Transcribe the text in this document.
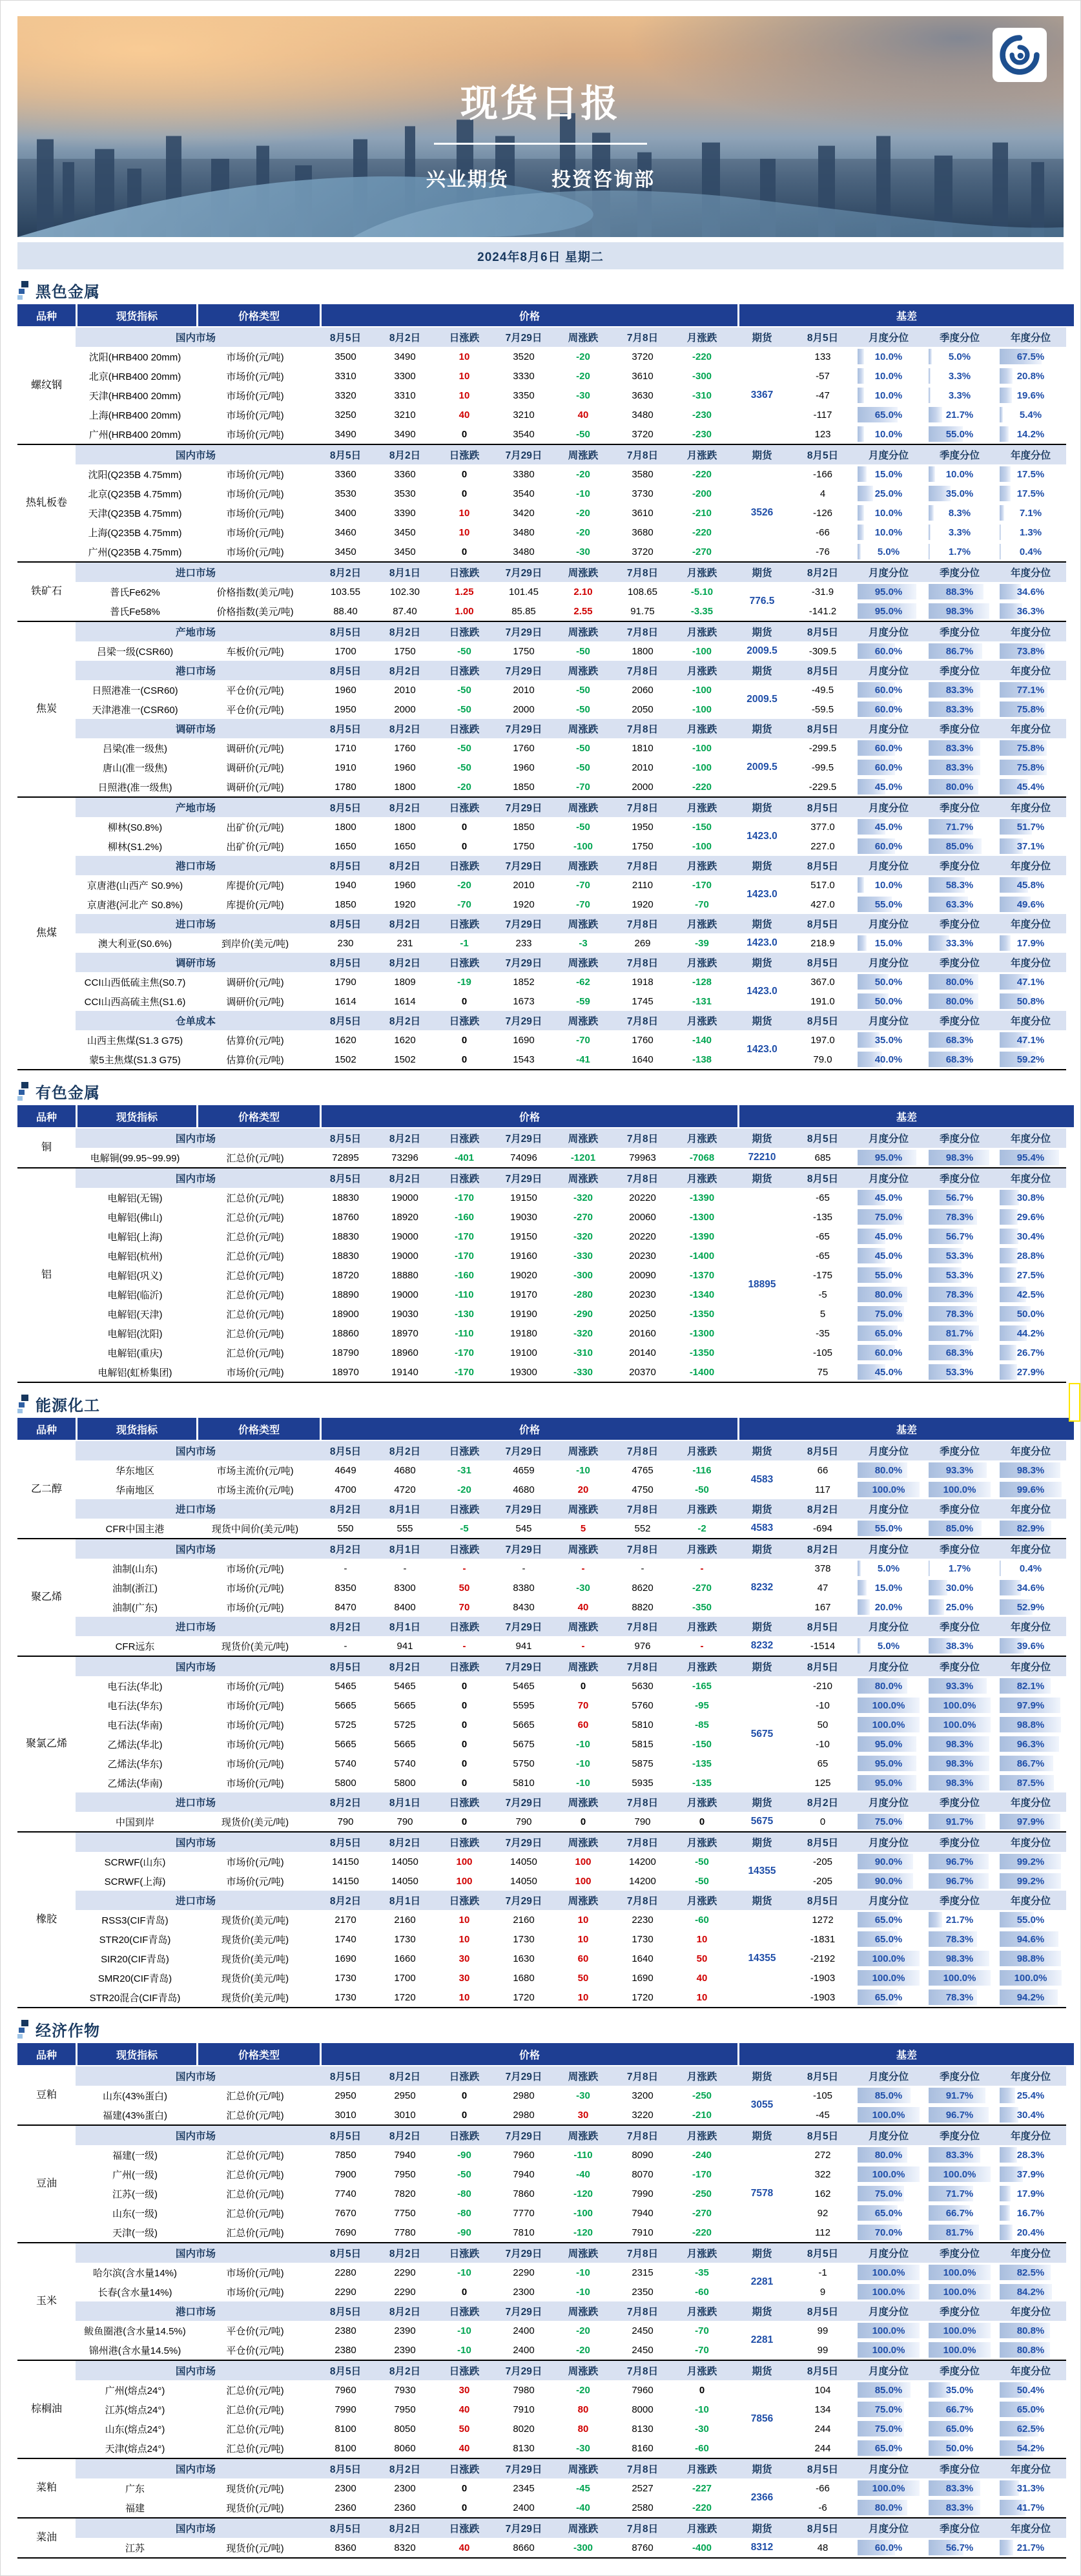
现货日报
兴业期货 投资咨询部
2024年8月6日 星期二
黑色金属
品种	现货指标	价格类型	价格	基差
螺纹钢
国内市场	8月5日	8月2日	日涨跌	7月29日	周涨跌	7月8日	月涨跌	期货	8月5日	月度分位	季度分位	年度分位
沈阳(HRB400 20mm)	市场价(元/吨)	3500	3490	10	3520	-20	3720	-220	133	10.0%	5.0%	67.5%
北京(HRB400 20mm)	市场价(元/吨)	3310	3300	10	3330	-20	3610	-300	-57	10.0%	3.3%	20.8%
天津(HRB400 20mm)	市场价(元/吨)	3320	3310	10	3350	-30	3630	-310	-47	10.0%	3.3%	19.6%
上海(HRB400 20mm)	市场价(元/吨)	3250	3210	40	3210	40	3480	-230	-117	65.0%	21.7%	5.4%
广州(HRB400 20mm)	市场价(元/吨)	3490	3490	0	3540	-50	3720	-230	123	10.0%	55.0%	14.2%
3367
热轧板卷
国内市场	8月5日	8月2日	日涨跌	7月29日	周涨跌	7月8日	月涨跌	期货	8月5日	月度分位	季度分位	年度分位
沈阳(Q235B 4.75mm)	市场价(元/吨)	3360	3360	0	3380	-20	3580	-220	-166	15.0%	10.0%	17.5%
北京(Q235B 4.75mm)	市场价(元/吨)	3530	3530	0	3540	-10	3730	-200	4	25.0%	35.0%	17.5%
天津(Q235B 4.75mm)	市场价(元/吨)	3400	3390	10	3420	-20	3610	-210	-126	10.0%	8.3%	7.1%
上海(Q235B 4.75mm)	市场价(元/吨)	3460	3450	10	3480	-20	3680	-220	-66	10.0%	3.3%	1.3%
广州(Q235B 4.75mm)	市场价(元/吨)	3450	3450	0	3480	-30	3720	-270	-76	5.0%	1.7%	0.4%
3526
铁矿石
进口市场	8月2日	8月1日	日涨跌	7月29日	周涨跌	7月8日	月涨跌	期货	8月2日	月度分位	季度分位	年度分位
普氏Fe62%	价格指数(美元/吨)	103.55	102.30	1.25	101.45	2.10	108.65	-5.10	-31.9	95.0%	88.3%	34.6%
普氏Fe58%	价格指数(美元/吨)	88.40	87.40	1.00	85.85	2.55	91.75	-3.35	-141.2	95.0%	98.3%	36.3%
776.5
焦炭
产地市场	8月5日	8月2日	日涨跌	7月29日	周涨跌	7月8日	月涨跌	期货	8月5日	月度分位	季度分位	年度分位
吕梁一级(CSR60)	车板价(元/吨)	1700	1750	-50	1750	-50	1800	-100	-309.5	60.0%	86.7%	73.8%
2009.5
港口市场	8月5日	8月2日	日涨跌	7月29日	周涨跌	7月8日	月涨跌	期货	8月5日	月度分位	季度分位	年度分位
日照港准一(CSR60)	平仓价(元/吨)	1960	2010	-50	2010	-50	2060	-100	-49.5	60.0%	83.3%	77.1%
天津港准一(CSR60)	平仓价(元/吨)	1950	2000	-50	2000	-50	2050	-100	-59.5	60.0%	83.3%	75.8%
2009.5
调研市场	8月5日	8月2日	日涨跌	7月29日	周涨跌	7月8日	月涨跌	期货	8月5日	月度分位	季度分位	年度分位
吕梁(准一级焦)	调研价(元/吨)	1710	1760	-50	1760	-50	1810	-100	-299.5	60.0%	83.3%	75.8%
唐山(准一级焦)	调研价(元/吨)	1910	1960	-50	1960	-50	2010	-100	-99.5	60.0%	83.3%	75.8%
日照港(准一级焦)	调研价(元/吨)	1780	1800	-20	1850	-70	2000	-220	-229.5	45.0%	80.0%	45.4%
2009.5
焦煤
产地市场	8月5日	8月2日	日涨跌	7月29日	周涨跌	7月8日	月涨跌	期货	8月5日	月度分位	季度分位	年度分位
柳林(S0.8%)	出矿价(元/吨)	1800	1800	0	1850	-50	1950	-150	377.0	45.0%	71.7%	51.7%
柳林(S1.2%)	出矿价(元/吨)	1650	1650	0	1750	-100	1750	-100	227.0	60.0%	85.0%	37.1%
1423.0
港口市场	8月5日	8月2日	日涨跌	7月29日	周涨跌	7月8日	月涨跌	期货	8月5日	月度分位	季度分位	年度分位
京唐港(山西产 S0.9%)	库提价(元/吨)	1940	1960	-20	2010	-70	2110	-170	517.0	10.0%	58.3%	45.8%
京唐港(河北产 S0.8%)	库提价(元/吨)	1850	1920	-70	1920	-70	1920	-70	427.0	55.0%	63.3%	49.6%
1423.0
进口市场	8月5日	8月2日	日涨跌	7月29日	周涨跌	7月8日	月涨跌	期货	8月5日	月度分位	季度分位	年度分位
澳大利亚(S0.6%)	到岸价(美元/吨)	230	231	-1	233	-3	269	-39	218.9	15.0%	33.3%	17.9%
1423.0
调研市场	8月5日	8月2日	日涨跌	7月29日	周涨跌	7月8日	月涨跌	期货	8月5日	月度分位	季度分位	年度分位
CCI山西低硫主焦(S0.7)	调研价(元/吨)	1790	1809	-19	1852	-62	1918	-128	367.0	50.0%	80.0%	47.1%
CCI山西高硫主焦(S1.6)	调研价(元/吨)	1614	1614	0	1673	-59	1745	-131	191.0	50.0%	80.0%	50.8%
1423.0
仓单成本	8月5日	8月2日	日涨跌	7月29日	周涨跌	7月8日	月涨跌	期货	8月5日	月度分位	季度分位	年度分位
山西主焦煤(S1.3 G75)	估算价(元/吨)	1620	1620	0	1690	-70	1760	-140	197.0	35.0%	68.3%	47.1%
蒙5主焦煤(S1.3 G75)	估算价(元/吨)	1502	1502	0	1543	-41	1640	-138	79.0	40.0%	68.3%	59.2%
1423.0
有色金属
品种	现货指标	价格类型	价格	基差
铜
国内市场	8月5日	8月2日	日涨跌	7月29日	周涨跌	7月8日	月涨跌	期货	8月5日	月度分位	季度分位	年度分位
电解铜(99.95~99.99)	汇总价(元/吨)	72895	73296	-401	74096	-1201	79963	-7068	685	95.0%	98.3%	95.4%
72210
铝
国内市场	8月5日	8月2日	日涨跌	7月29日	周涨跌	7月8日	月涨跌	期货	8月5日	月度分位	季度分位	年度分位
电解铝(无锡)	汇总价(元/吨)	18830	19000	-170	19150	-320	20220	-1390	-65	45.0%	56.7%	30.8%
电解铝(佛山)	汇总价(元/吨)	18760	18920	-160	19030	-270	20060	-1300	-135	75.0%	78.3%	29.6%
电解铝(上海)	汇总价(元/吨)	18830	19000	-170	19150	-320	20220	-1390	-65	45.0%	56.7%	30.4%
电解铝(杭州)	汇总价(元/吨)	18830	19000	-170	19160	-330	20230	-1400	-65	45.0%	53.3%	28.8%
电解铝(巩义)	汇总价(元/吨)	18720	18880	-160	19020	-300	20090	-1370	-175	55.0%	53.3%	27.5%
电解铝(临沂)	汇总价(元/吨)	18890	19000	-110	19170	-280	20230	-1340	-5	80.0%	78.3%	42.5%
电解铝(天津)	汇总价(元/吨)	18900	19030	-130	19190	-290	20250	-1350	5	75.0%	78.3%	50.0%
电解铝(沈阳)	汇总价(元/吨)	18860	18970	-110	19180	-320	20160	-1300	-35	65.0%	81.7%	44.2%
电解铝(重庆)	汇总价(元/吨)	18790	18960	-170	19100	-310	20140	-1350	-105	60.0%	68.3%	26.7%
电解铝(虹桥集团)	市场价(元/吨)	18970	19140	-170	19300	-330	20370	-1400	75	45.0%	53.3%	27.9%
18895
能源化工
品种	现货指标	价格类型	价格	基差
乙二醇
国内市场	8月5日	8月2日	日涨跌	7月29日	周涨跌	7月8日	月涨跌	期货	8月5日	月度分位	季度分位	年度分位
华东地区	市场主流价(元/吨)	4649	4680	-31	4659	-10	4765	-116	66	80.0%	93.3%	98.3%
华南地区	市场主流价(元/吨)	4700	4720	-20	4680	20	4750	-50	117	100.0%	100.0%	99.6%
4583
进口市场	8月2日	8月1日	日涨跌	7月29日	周涨跌	7月8日	月涨跌	期货	8月2日	月度分位	季度分位	年度分位
CFR中国主港	现货中间价(美元/吨)	550	555	-5	545	5	552	-2	-694	55.0%	85.0%	82.9%
4583
聚乙烯
国内市场	8月2日	8月1日	日涨跌	7月29日	周涨跌	7月8日	月涨跌	期货	8月2日	月度分位	季度分位	年度分位
油制(山东)	市场价(元/吨)	-	-	-	-	-	-	-	378	5.0%	1.7%	0.4%
油制(浙江)	市场价(元/吨)	8350	8300	50	8380	-30	8620	-270	47	15.0%	30.0%	34.6%
油制(广东)	市场价(元/吨)	8470	8400	70	8430	40	8820	-350	167	20.0%	25.0%	52.9%
8232
进口市场	8月2日	8月1日	日涨跌	7月29日	周涨跌	7月8日	月涨跌	期货	8月5日	月度分位	季度分位	年度分位
CFR远东	现货价(美元/吨)	-	941	-	941	-	976	-	-1514	5.0%	38.3%	39.6%
8232
聚氯乙烯
国内市场	8月5日	8月2日	日涨跌	7月29日	周涨跌	7月8日	月涨跌	期货	8月5日	月度分位	季度分位	年度分位
电石法(华北)	市场价(元/吨)	5465	5465	0	5465	0	5630	-165	-210	80.0%	93.3%	82.1%
电石法(华东)	市场价(元/吨)	5665	5665	0	5595	70	5760	-95	-10	100.0%	100.0%	97.9%
电石法(华南)	市场价(元/吨)	5725	5725	0	5665	60	5810	-85	50	100.0%	100.0%	98.8%
乙烯法(华北)	市场价(元/吨)	5665	5665	0	5675	-10	5815	-150	-10	95.0%	98.3%	96.3%
乙烯法(华东)	市场价(元/吨)	5740	5740	0	5750	-10	5875	-135	65	95.0%	98.3%	86.7%
乙烯法(华南)	市场价(元/吨)	5800	5800	0	5810	-10	5935	-135	125	95.0%	98.3%	87.5%
5675
进口市场	8月2日	8月1日	日涨跌	7月29日	周涨跌	7月8日	月涨跌	期货	8月2日	月度分位	季度分位	年度分位
中国到岸	现货价(美元/吨)	790	790	0	790	0	790	0	0	75.0%	91.7%	97.9%
5675
橡胶
国内市场	8月5日	8月2日	日涨跌	7月29日	周涨跌	7月8日	月涨跌	期货	8月5日	月度分位	季度分位	年度分位
SCRWF(山东)	市场价(元/吨)	14150	14050	100	14050	100	14200	-50	-205	90.0%	96.7%	99.2%
SCRWF(上海)	市场价(元/吨)	14150	14050	100	14050	100	14200	-50	-205	90.0%	96.7%	99.2%
14355
进口市场	8月2日	8月1日	日涨跌	7月29日	周涨跌	7月8日	月涨跌	期货	8月5日	月度分位	季度分位	年度分位
RSS3(CIF青岛)	现货价(美元/吨)	2170	2160	10	2160	10	2230	-60	1272	65.0%	21.7%	55.0%
STR20(CIF青岛)	现货价(美元/吨)	1740	1730	10	1730	10	1730	10	-1831	65.0%	78.3%	94.6%
SIR20(CIF青岛)	现货价(美元/吨)	1690	1660	30	1630	60	1640	50	-2192	100.0%	98.3%	98.8%
SMR20(CIF青岛)	现货价(美元/吨)	1730	1700	30	1680	50	1690	40	-1903	100.0%	100.0%	100.0%
STR20混合(CIF青岛)	现货价(美元/吨)	1730	1720	10	1720	10	1720	10	-1903	65.0%	78.3%	94.2%
14355
经济作物
品种	现货指标	价格类型	价格	基差
豆粕
国内市场	8月5日	8月2日	日涨跌	7月29日	周涨跌	7月8日	月涨跌	期货	8月5日	月度分位	季度分位	年度分位
山东(43%蛋白)	汇总价(元/吨)	2950	2950	0	2980	-30	3200	-250	-105	85.0%	91.7%	25.4%
福建(43%蛋白)	汇总价(元/吨)	3010	3010	0	2980	30	3220	-210	-45	100.0%	96.7%	30.4%
3055
豆油
国内市场	8月5日	8月2日	日涨跌	7月29日	周涨跌	7月8日	月涨跌	期货	8月5日	月度分位	季度分位	年度分位
福建(一级)	汇总价(元/吨)	7850	7940	-90	7960	-110	8090	-240	272	80.0%	83.3%	28.3%
广州(一级)	汇总价(元/吨)	7900	7950	-50	7940	-40	8070	-170	322	100.0%	100.0%	37.9%
江苏(一级)	汇总价(元/吨)	7740	7820	-80	7860	-120	7990	-250	162	75.0%	71.7%	17.9%
山东(一级)	汇总价(元/吨)	7670	7750	-80	7770	-100	7940	-270	92	65.0%	66.7%	16.7%
天津(一级)	汇总价(元/吨)	7690	7780	-90	7810	-120	7910	-220	112	70.0%	81.7%	20.4%
7578
玉米
国内市场	8月5日	8月2日	日涨跌	7月29日	周涨跌	7月8日	月涨跌	期货	8月5日	月度分位	季度分位	年度分位
哈尔滨(含水量14%)	市场价(元/吨)	2280	2290	-10	2290	-10	2315	-35	-1	100.0%	100.0%	82.5%
长春(含水量14%)	市场价(元/吨)	2290	2290	0	2300	-10	2350	-60	9	100.0%	100.0%	84.2%
2281
港口市场	8月5日	8月2日	日涨跌	7月29日	周涨跌	7月8日	月涨跌	期货	8月5日	月度分位	季度分位	年度分位
鲅鱼圈港(含水量14.5%)	平仓价(元/吨)	2380	2390	-10	2400	-20	2450	-70	99	100.0%	100.0%	80.8%
锦州港(含水量14.5%)	平仓价(元/吨)	2380	2390	-10	2400	-20	2450	-70	99	100.0%	100.0%	80.8%
2281
棕榈油
国内市场	8月5日	8月2日	日涨跌	7月29日	周涨跌	7月8日	月涨跌	期货	8月5日	月度分位	季度分位	年度分位
广州(熔点24°)	汇总价(元/吨)	7960	7930	30	7980	-20	7960	0	104	85.0%	35.0%	50.4%
江苏(熔点24°)	汇总价(元/吨)	7990	7950	40	7910	80	8000	-10	134	75.0%	66.7%	65.0%
山东(熔点24°)	汇总价(元/吨)	8100	8050	50	8020	80	8130	-30	244	75.0%	65.0%	62.5%
天津(熔点24°)	汇总价(元/吨)	8100	8060	40	8130	-30	8160	-60	244	65.0%	50.0%	54.2%
7856
菜粕
国内市场	8月5日	8月2日	日涨跌	7月29日	周涨跌	7月8日	月涨跌	期货	8月5日	月度分位	季度分位	年度分位
广东	现货价(元/吨)	2300	2300	0	2345	-45	2527	-227	-66	100.0%	83.3%	31.3%
福建	现货价(元/吨)	2360	2360	0	2400	-40	2580	-220	-6	80.0%	83.3%	41.7%
2366
菜油
国内市场	8月5日	8月2日	日涨跌	7月29日	周涨跌	7月8日	月涨跌	期货	8月5日	月度分位	季度分位	年度分位
江苏	现货价(元/吨)	8360	8320	40	8660	-300	8760	-400	48	60.0%	56.7%	21.7%
8312
